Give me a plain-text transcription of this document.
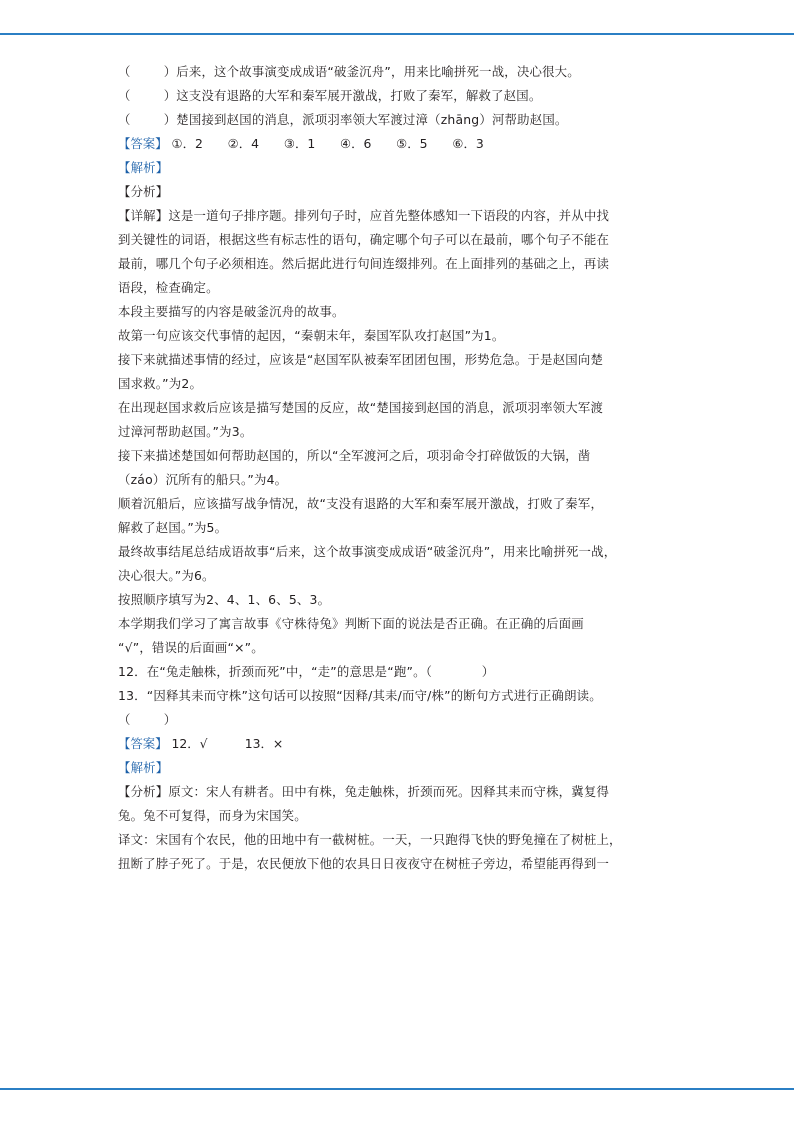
（        ）后来，这个故事演变成成语“破釜沉舟”，用来比喻拼死一战，决心很大。
（        ）这支没有退路的大军和秦军展开激战，打败了秦军，解救了赵国。
（        ）楚国接到赵国的消息，派项羽率领大军渡过漳（zhāng）河帮助赵国。
【答案】 ①．2　　②．4　　③．1　　④．6　　⑤．5　　⑥．3
【解析】
【分析】
【详解】这是一道句子排序题。排列句子时，应首先整体感知一下语段的内容，并从中找
到关键性的词语，根据这些有标志性的语句，确定哪个句子可以在最前，哪个句子不能在
最前，哪几个句子必须相连。然后据此进行句间连缀排列。在上面排列的基础之上，再读
语段，检查确定。
本段主要描写的内容是破釜沉舟的故事。
故第一句应该交代事情的起因，“秦朝末年，秦国军队攻打赵国”为1。
接下来就描述事情的经过，应该是“赵国军队被秦军团团包围，形势危急。于是赵国向楚
国求救。”为2。
在出现赵国求救后应该是描写楚国的反应，故“楚国接到赵国的消息，派项羽率领大军渡
过漳河帮助赵国。”为3。
接下来描述楚国如何帮助赵国的，所以“全军渡河之后，项羽命令打碎做饭的大锅，凿
（záo）沉所有的船只。”为4。
顺着沉船后，应该描写战争情况，故“支没有退路的大军和秦军展开激战，打败了秦军，
解救了赵国。”为5。
最终故事结尾总结成语故事“后来，这个故事演变成成语“破釜沉舟”，用来比喻拼死一战，
决心很大。”为6。
按照顺序填写为2、4、1、6、5、3。
本学期我们学习了寓言故事《守株待兔》判断下面的说法是否正确。在正确的后面画
“√”，错误的后面画“×”。
12．在“兔走触株，折颈而死”中，“走”的意思是“跑”。（            ）
13．“因释其耒而守株”这句话可以按照“因释/其耒/而守/株”的断句方式进行正确朗读。
（        ）
【答案】 12．√　　　13．×
【解析】
【分析】原文：宋人有耕者。田中有株，兔走触株，折颈而死。因释其耒而守株，冀复得
兔。兔不可复得，而身为宋国笑。
译文：宋国有个农民，他的田地中有一截树桩。一天，一只跑得飞快的野兔撞在了树桩上，
扭断了脖子死了。于是，农民便放下他的农具日日夜夜守在树桩子旁边，希望能再得到一
